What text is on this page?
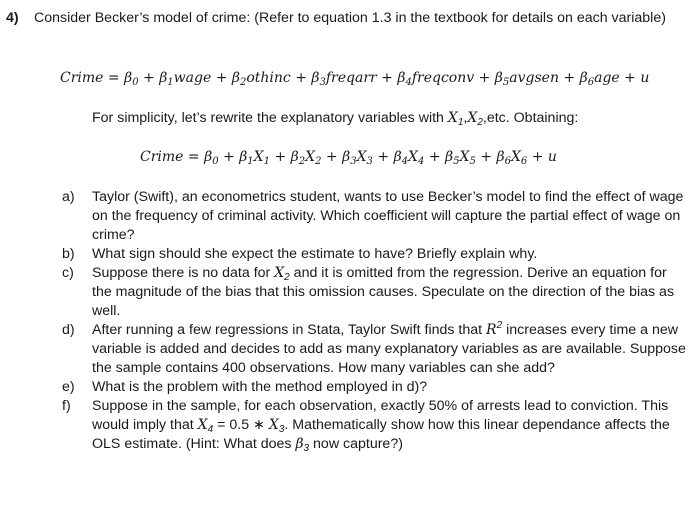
4) Consider Becker’s model of crime: (Refer to equation 1.3 in the textbook for details on each variable)
Crime = $\beta_0$ + $\beta_1wage$ + $\beta_2othinc$ + $\beta_3freqarr$ + $\beta_4freqconv$ + $\beta_5avgsen + \beta_6age + u$
For simplicity, let’s rewrite the explanatory variables with $X_1,X_2,etc$. Obtaining:
Crime = $\beta_0 + \beta_1X_1 + \beta_2X_2 + \beta_3X_3 + \beta_4X_4 + \beta_5X_5 + \beta_6X_6 + u$
a) Taylor (Swift), an econometrics student, wants to use Becker’s model to find the effect of wage on the frequency of criminal activity. Which coefficient will capture the partial effect of wage on crime?
b) What sign should she expect the estimate to have? Briefly explain why.
c) Suppose there is no data for $X_2$ and it is omitted from the regression. Derive an equation for the magnitude of the bias that this omission causes. Speculate on the direction of the bias as well.
d) After running a few regressions in Stata, Taylor Swift finds that $R^2$ increases every time a new variable is added and decides to add as many explanatory variables as are available. Suppose the sample contains 400 observations. How many variables can she add?
e) What is the problem with the method employed in d)?
f) Suppose in the sample, for each observation, exactly 50% of arrests lead to conviction. This would imply that $X_4 = 0.5$ ∗ $X_3$. Mathematically show how this linear dependance affects the OLS estimate. (Hint: What does $\beta_3$ now capture?)
